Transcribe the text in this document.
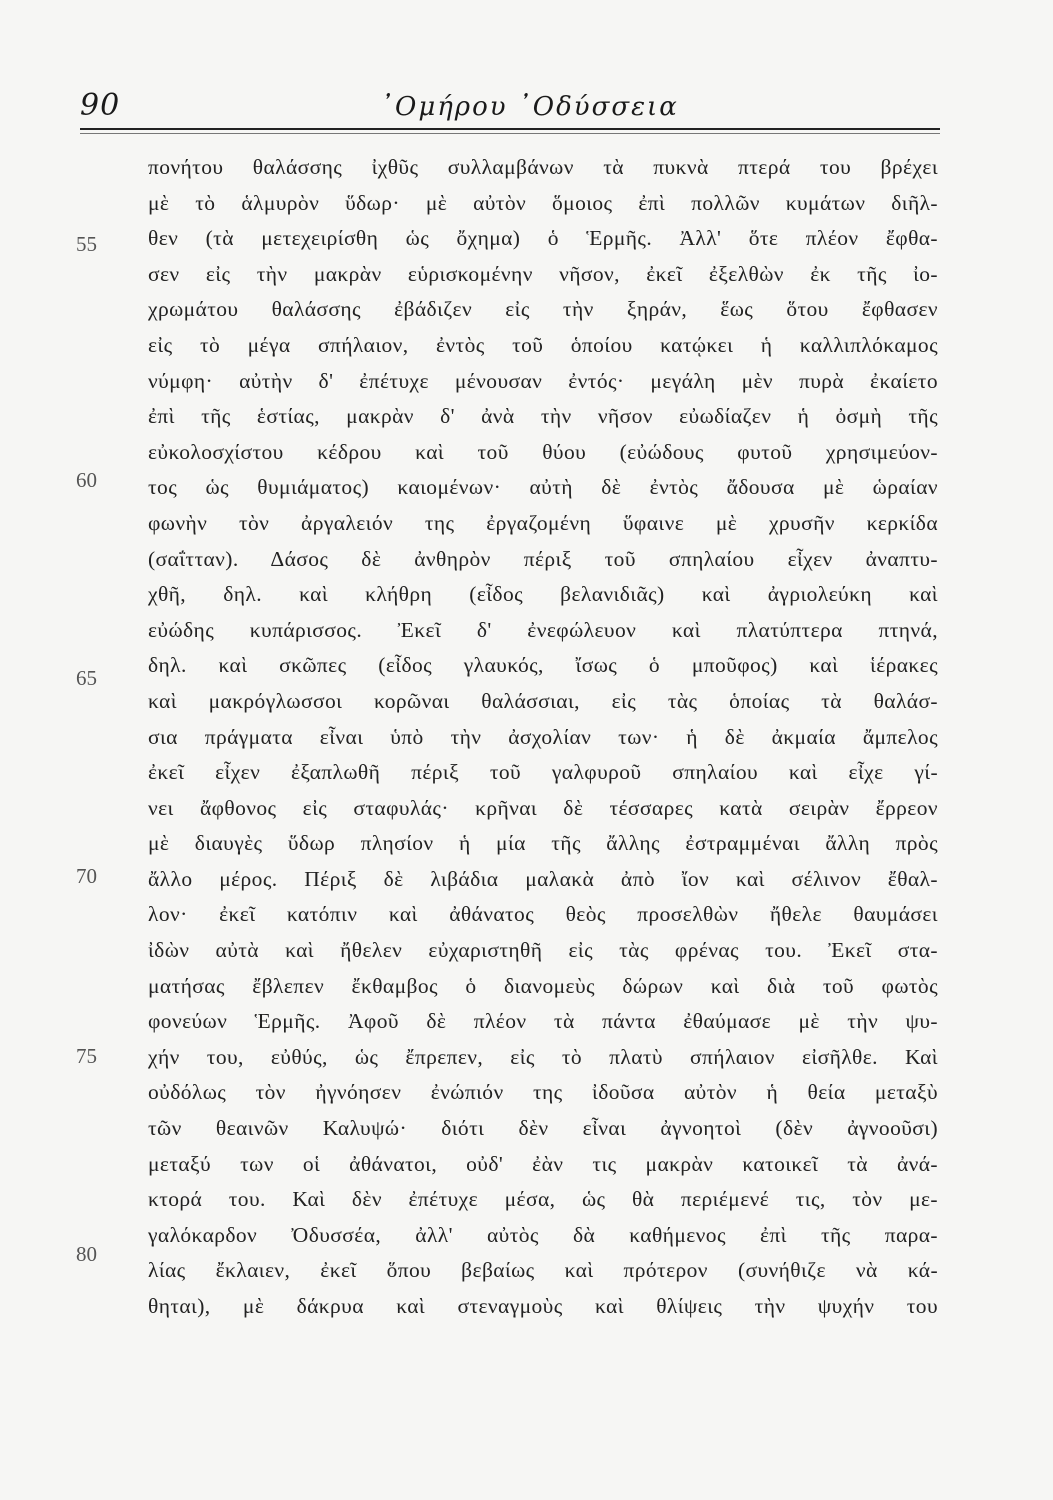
90	᾿Ομήρου ᾿Οδύσσεια
55
60
65
70
75
80
πονήτου θαλάσσης ἰχθῦς συλλαμβάνων τὰ πυκνὰ πτερά του βρέχει
μὲ τὸ ἁλμυρὸν ὕδωρ· μὲ αὐτὸν ὅμοιος ἐπὶ πολλῶν κυμάτων διῆλ-
θεν (τὰ μετεχειρίσθη ὡς ὄχημα) ὁ Ἑρμῆς. Ἀλλ' ὅτε πλέον ἔφθα-
σεν εἰς τὴν μακρὰν εὑρισκομένην νῆσον, ἐκεῖ ἐξελθὼν ἐκ τῆς ἰο-
χρωμάτου θαλάσσης ἐβάδιζεν εἰς τὴν ξηράν, ἕως ὅτου ἔφθασεν
εἰς τὸ μέγα σπήλαιον, ἐντὸς τοῦ ὁποίου κατῴκει ἡ καλλιπλόκαμος
νύμφη· αὐτὴν δ' ἐπέτυχε μένουσαν ἐντός· μεγάλη μὲν πυρὰ ἐκαίετο
ἐπὶ τῆς ἑστίας, μακρὰν δ' ἀνὰ τὴν νῆσον εὐωδίαζεν ἡ ὀσμὴ τῆς
εὐκολοσχίστου κέδρου καὶ τοῦ θύου (εὐώδους φυτοῦ χρησιμεύον-
τος ὡς θυμιάματος) καιομένων· αὐτὴ δὲ ἐντὸς ἄδουσα μὲ ὡραίαν
φωνὴν τὸν ἀργαλειόν της ἐργαζομένη ὕφαινε μὲ χρυσῆν κερκίδα
(σαΐτταν). Δάσος δὲ ἀνθηρὸν πέριξ τοῦ σπηλαίου εἶχεν ἀναπτυ-
χθῆ, δηλ. καὶ κλήθρη (εἶδος βελανιδιᾶς) καὶ ἀγριολεύκη καὶ
εὐώδης κυπάρισσος. Ἐκεῖ δ' ἐνεφώλευον καὶ πλατύπτερα πτηνά,
δηλ. καὶ σκῶπες (εἶδος γλαυκός, ἴσως ὁ μποῦφος) καὶ ἱέρακες
καὶ μακρόγλωσσοι κορῶναι θαλάσσιαι, εἰς τὰς ὁποίας τὰ θαλάσ-
σια πράγματα εἶναι ὑπὸ τὴν ἀσχολίαν των· ἡ δὲ ἀκμαία ἄμπελος
ἐκεῖ εἶχεν ἐξαπλωθῆ πέριξ τοῦ γαλφυροῦ σπηλαίου καὶ εἶχε γί-
νει ἄφθονος εἰς σταφυλάς· κρῆναι δὲ τέσσαρες κατὰ σειρὰν ἔρρεον
μὲ διαυγὲς ὕδωρ πλησίον ἡ μία τῆς ἄλλης ἐστραμμέναι ἄλλη πρὸς
ἄλλο μέρος. Πέριξ δὲ λιβάδια μαλακὰ ἀπὸ ἴον καὶ σέλινον ἔθαλ-
λον· ἐκεῖ κατόπιν καὶ ἀθάνατος θεὸς προσελθὼν ἤθελε θαυμάσει
ἰδὼν αὐτὰ καὶ ἤθελεν εὐχαριστηθῆ εἰς τὰς φρένας του. Ἐκεῖ στα-
ματήσας ἔβλεπεν ἔκθαμβος ὁ διανομεὺς δώρων καὶ διὰ τοῦ φωτὸς
φονεύων Ἑρμῆς. Ἀφοῦ δὲ πλέον τὰ πάντα ἐθαύμασε μὲ τὴν ψυ-
χήν του, εὐθύς, ὡς ἔπρεπεν, εἰς τὸ πλατὺ σπήλαιον εἰσῆλθε. Καὶ
οὐδόλως τὸν ἠγνόησεν ἐνώπιόν της ἰδοῦσα αὐτὸν ἡ θεία μεταξὺ
τῶν θεαινῶν Καλυψώ· διότι δὲν εἶναι ἀγνοητοὶ (δὲν ἀγνοοῦσι)
μεταξύ των οἱ ἀθάνατοι, οὐδ' ἐὰν τις μακρὰν κατοικεῖ τὰ ἀνά-
κτορά του. Καὶ δὲν ἐπέτυχε μέσα, ὡς θὰ περιέμενέ τις, τὸν με-
γαλόκαρδον Ὀδυσσέα, ἀλλ' αὐτὸς δὰ καθήμενος ἐπὶ τῆς παρα-
λίας ἔκλαιεν, ἐκεῖ ὅπου βεβαίως καὶ πρότερον (συνήθιζε νὰ κά-
θηται), μὲ δάκρυα καὶ στεναγμοὺς καὶ θλίψεις τὴν ψυχήν του
